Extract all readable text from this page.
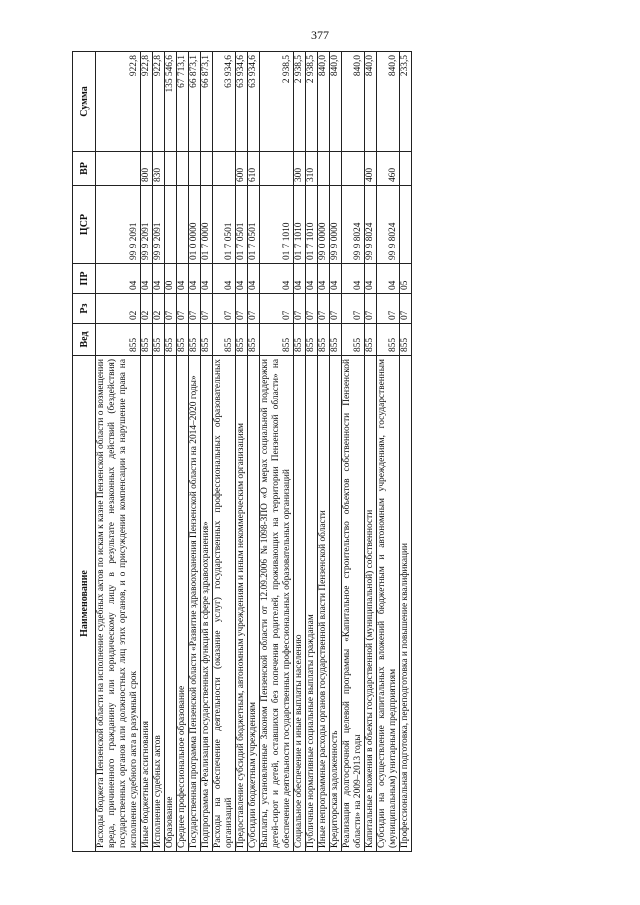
377
Наименование	Вед	Рз	ПР	ЦСР	ВР	Сумма
Расходы бюджета Пензенской области на исполнение судебных актов по искам к казне Пензенской области о возмещении вреда, причиненного гражданину или юридическому лицу в результате незаконных действий (бездействия) государственных органов или должностных лиц этих органов, и о присуждении компенсации за нарушение права на исполнение судебного акта в разумный срок	855	02	04	99 9 2091		922,8
Иные бюджетные ассигнования	855	02	04	99 9 2091	800	922,8
Исполнение судебных актов	855	02	04	99 9 2091	830	922,8
Образование	855	07	00			135 546,6
Среднее профессиональное образование	855	07	04			67 713,1
Государственная программа Пензенской области «Развитие здравоохранения Пензенской области на 2014–2020 годы»	855	07	04	01 0 0000		66 873,1
Подпрограмма «Реализация государственных функций в сфере здравоохранения»	855	07	04	01 7 0000		66 873,1
Расходы на обеспечение деятельности (оказание услуг) государственных профессиональных образовательных организаций	855	07	04	01 7 0501		63 934,6
Предоставление субсидий бюджетным, автономным учреждениям и иным некоммерческим организациям	855	07	04	01 7 0501	600	63 934,6
Субсидии бюджетным учреждениям	855	07	04	01 7 0501	610	63 934,6
Выплаты, установленные Законом Пензенской области от 12.09.2006 №1098-ЗПО «О мерах социальной поддержки детей-сирот и детей, оставшихся без попечения родителей, проживающих на территории Пензенской области» на обеспечение деятельности государственных профессиональных образовательных организаций	855	07	04	01 7 1010		2 938,5
Социальное обеспечение и иные выплаты населению	855	07	04	01 7 1010	300	2 938,5
Публичные нормативные социальные выплаты гражданам	855	07	04	01 7 1010	310	2 938,5
Иные непрограммные расходы органов государственной власти Пензенской области	855	07	04	99 0 0000		840,0
Кредиторская задолженность	855	07	04	99 9 0000		840,0
Реализация долгосрочной целевой программы «Капитальное строительство объектов собственности Пензенской области» на 2009–2013 годы	855	07	04	99 9 8024		840,0
Капитальные вложения в объекты государственной (муниципальной) собственности	855	07	04	99 9 8024	400	840,0
Субсидии на осуществление капитальных вложений бюджетным и автономным учреждениям, государственным (муниципальным) унитарным предприятиям	855	07	04	99 9 8024	460	840,0
Профессиональная подготовка, переподготовка и повышение квалификации	855	07	05			233,5
